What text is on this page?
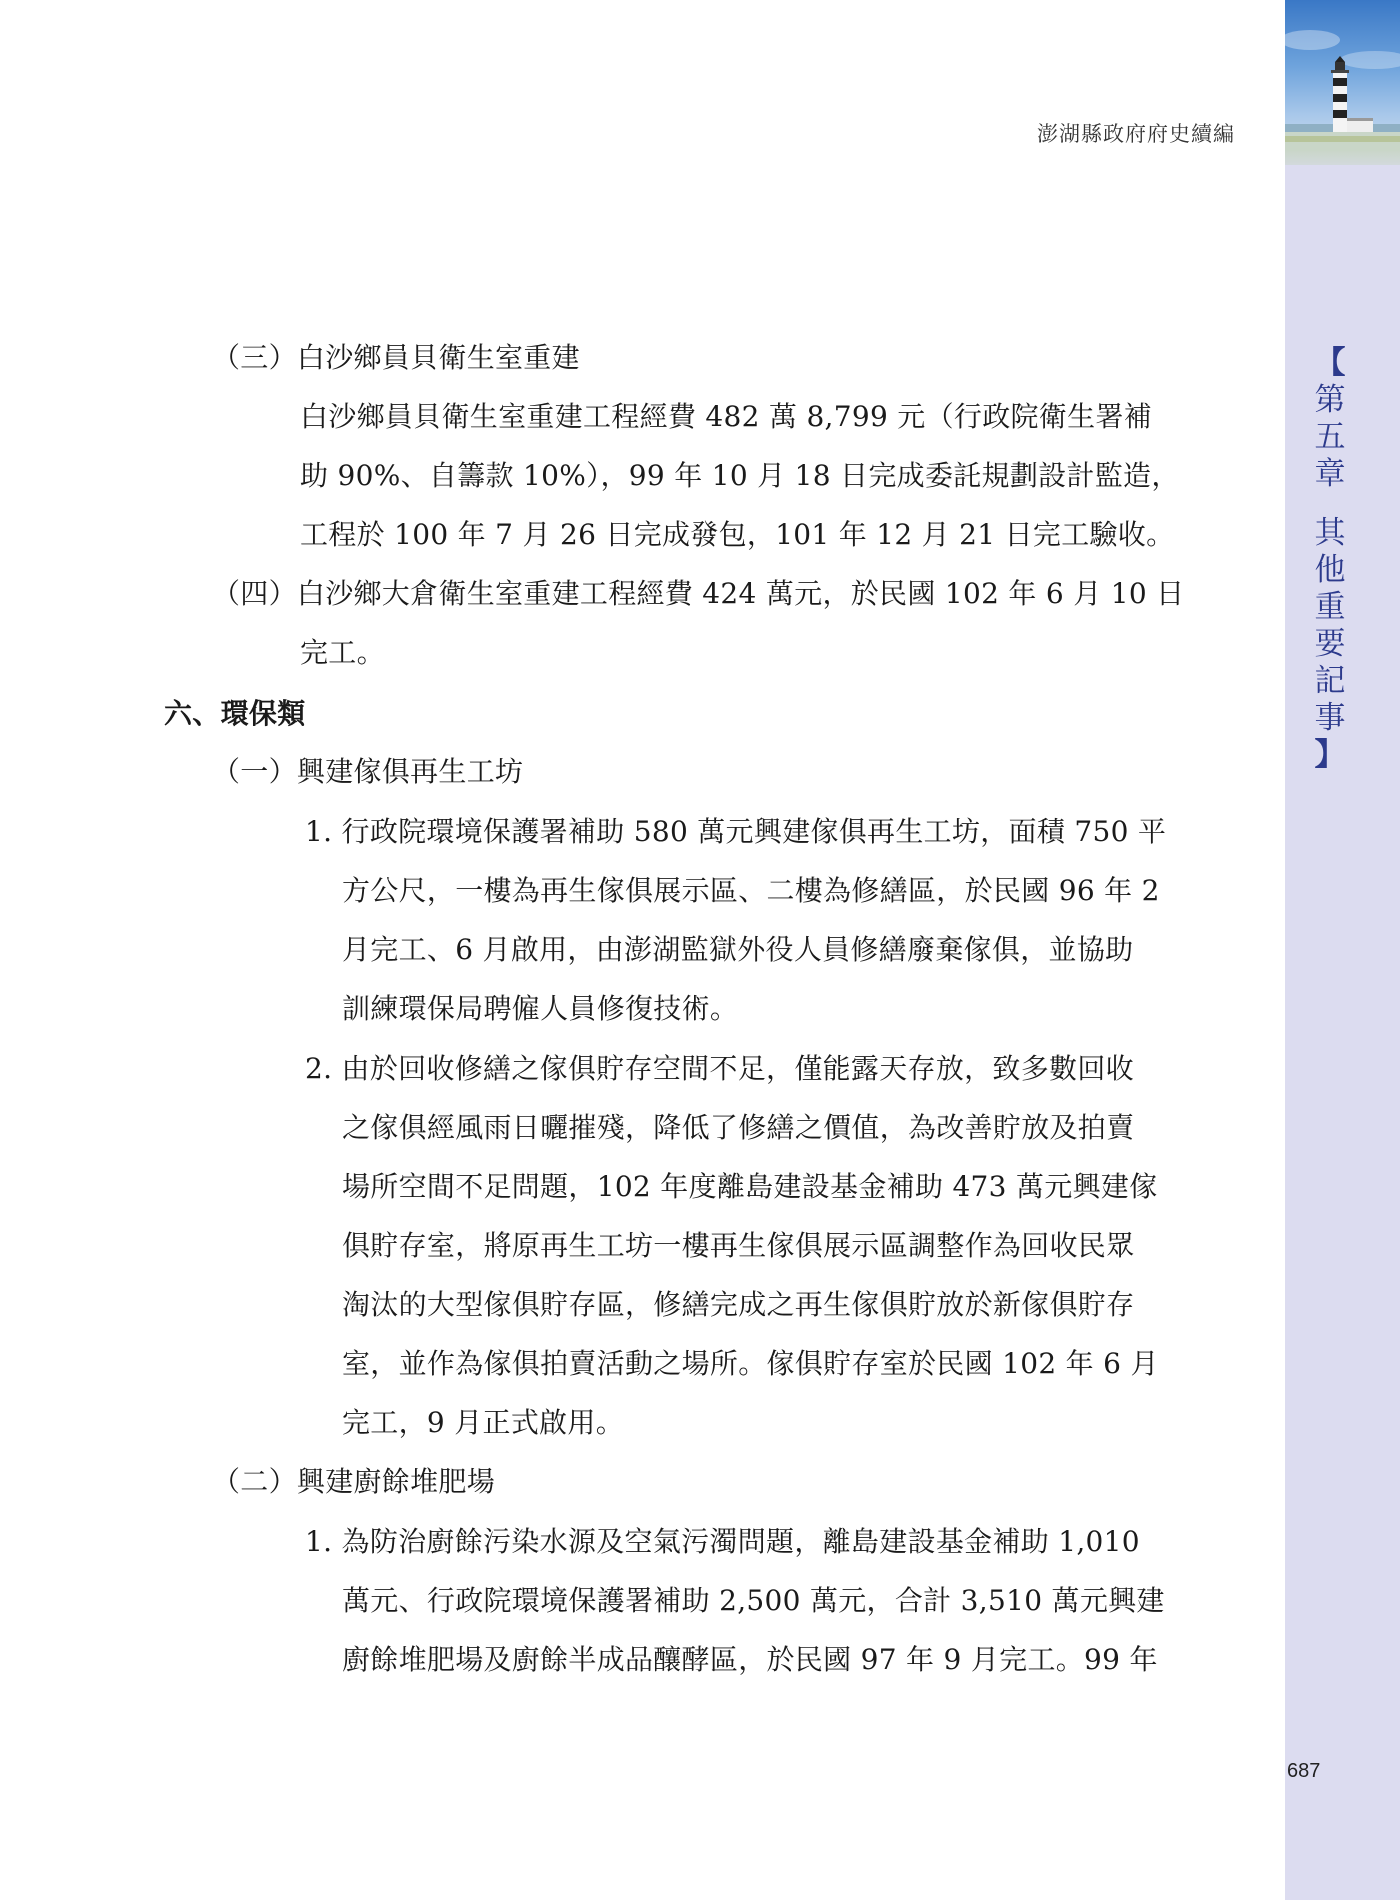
澎湖縣政府府史續編
【
第
五
章
其
他
重
要
記
事
】
687
（三）白沙鄉員貝衛生室重建
白沙鄉員貝衛生室重建工程經費 482 萬 8,799 元（行政院衛生署補
助 90%、自籌款 10%），99 年 10 月 18 日完成委託規劃設計監造，
工程於 100 年 7 月 26 日完成發包，101 年 12 月 21 日完工驗收。
（四）白沙鄉大倉衛生室重建工程經費 424 萬元，於民國 102 年 6 月 10 日
完工。
六、環保類
（一）興建傢俱再生工坊
1. 行政院環境保護署補助 580 萬元興建傢俱再生工坊，面積 750 平
方公尺，一樓為再生傢俱展示區、二樓為修繕區，於民國 96 年 2
月完工、6 月啟用，由澎湖監獄外役人員修繕廢棄傢俱，並協助
訓練環保局聘僱人員修復技術。
2. 由於回收修繕之傢俱貯存空間不足，僅能露天存放，致多數回收
之傢俱經風雨日曬摧殘，降低了修繕之價值，為改善貯放及拍賣
場所空間不足問題，102 年度離島建設基金補助 473 萬元興建傢
俱貯存室，將原再生工坊一樓再生傢俱展示區調整作為回收民眾
淘汰的大型傢俱貯存區，修繕完成之再生傢俱貯放於新傢俱貯存
室，並作為傢俱拍賣活動之場所。傢俱貯存室於民國 102 年 6 月
完工，9 月正式啟用。
（二）興建廚餘堆肥場
1. 為防治廚餘污染水源及空氣污濁問題，離島建設基金補助 1,010
萬元、行政院環境保護署補助 2,500 萬元，合計 3,510 萬元興建
廚餘堆肥場及廚餘半成品釀酵區，於民國 97 年 9 月完工。99 年
